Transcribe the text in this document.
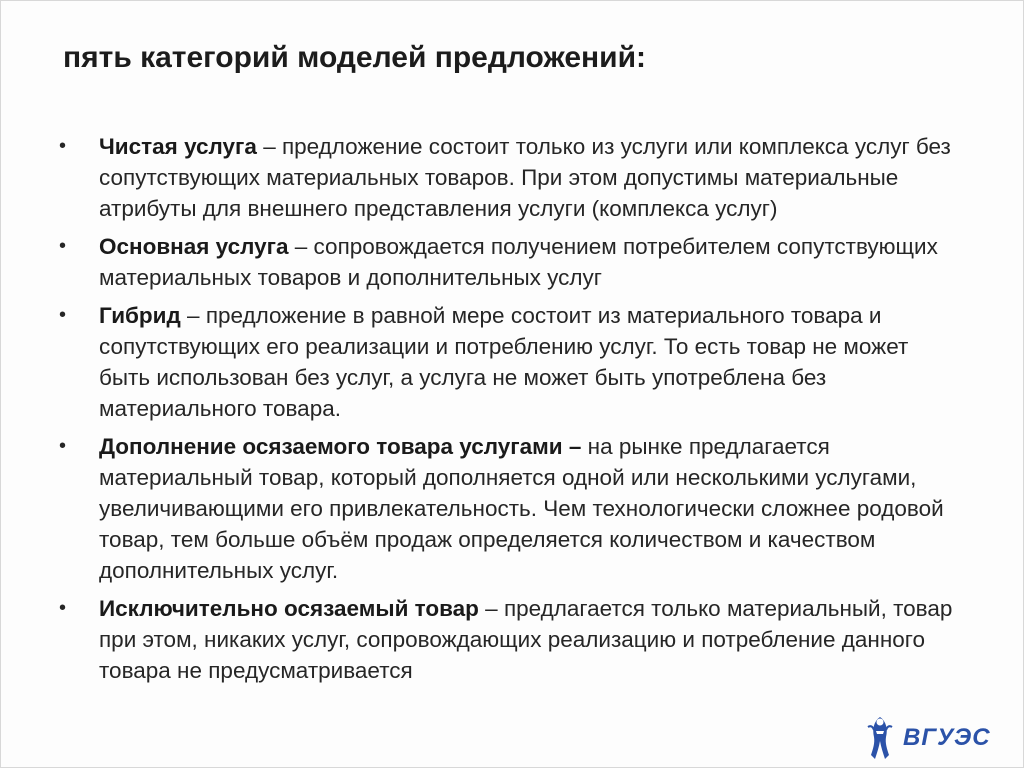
пять категорий моделей предложений:
• Чистая услуга – предложение состоит только из услуги или комплекса услуг без сопутствующих материальных товаров. При этом допустимы материальные атрибуты для внешнего представления услуги (комплекса услуг)
• Основная услуга – сопровождается получением потребителем сопутствующих материальных товаров и дополнительных услуг
• Гибрид – предложение в равной мере состоит из материального товара и сопутствующих его реализации и потреблению услуг. То есть товар не может быть использован без услуг, а услуга не может быть употреблена без материального товара.
• Дополнение осязаемого товара услугами – на рынке предлагается материальный товар, который дополняется одной или несколькими услугами, увеличивающими его привлекательность. Чем технологически сложнее родовой товар, тем больше объём продаж определяется количеством и качеством дополнительных услуг.
• Исключительно осязаемый товар – предлагается только материальный, товар при этом, никаких услуг, сопровождающих реализацию и потребление данного товара не предусматривается
ВГУЭС
